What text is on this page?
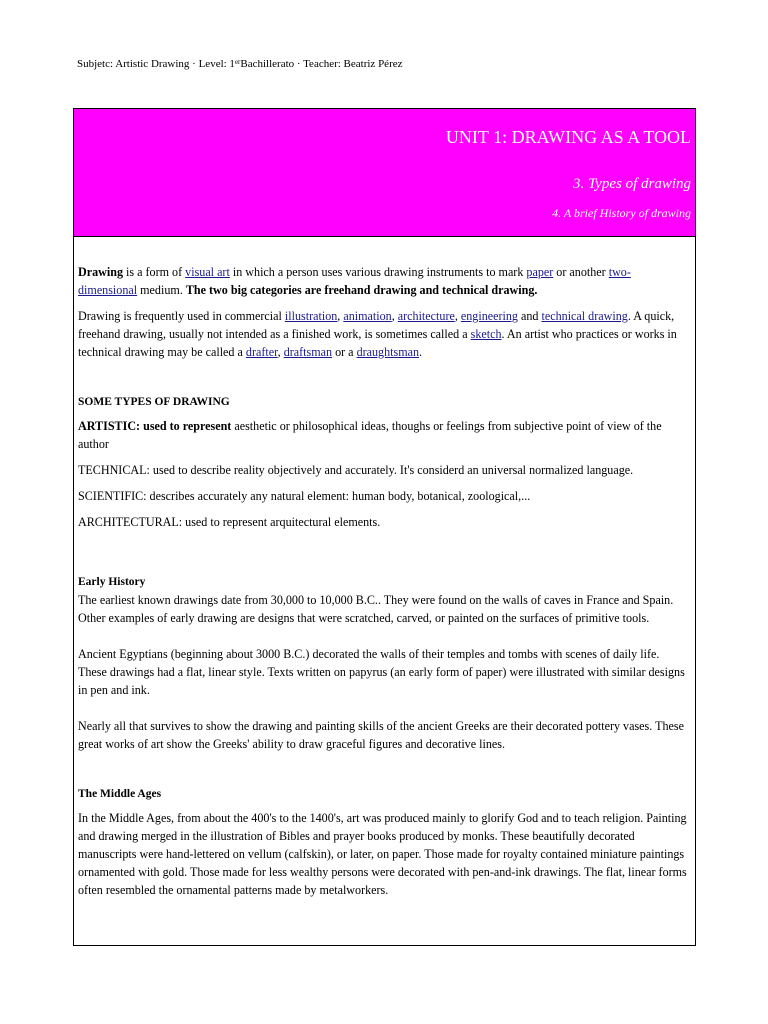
Subjetc: Artistic Drawing · Level: 1erBachillerato · Teacher: Beatriz Pérez
UNIT 1: DRAWING AS A TOOL
3. Types of drawing
4. A brief History of drawing

Drawing is a form of visual art in which a person uses various drawing instruments to mark paper or another two-dimensional medium. The two big categories are freehand drawing and technical drawing.

Drawing is frequently used in commercial illustration, animation, architecture, engineering and technical drawing. A quick, freehand drawing, usually not intended as a finished work, is sometimes called a sketch. An artist who practices or works in technical drawing may be called a drafter, draftsman or a draughtsman.

SOME TYPES OF DRAWING

ARTISTIC: used to represent aesthetic or philosophical ideas, thoughs or feelings from subjective point of view of the author

TECHNICAL: used to describe reality objectively and accurately. It's considerd an universal normalized language.

SCIENTIFIC: describes accurately any natural element: human body, botanical, zoological,...

ARCHITECTURAL: used to represent arquitectural elements.

Early History

The earliest known drawings date from 30,000 to 10,000 B.C.. They were found on the walls of caves in France and Spain. Other examples of early drawing are designs that were scratched, carved, or painted on the surfaces of primitive tools.

Ancient Egyptians (beginning about 3000 B.C.) decorated the walls of their temples and tombs with scenes of daily life. These drawings had a flat, linear style. Texts written on papyrus (an early form of paper) were illustrated with similar designs in pen and ink.

Nearly all that survives to show the drawing and painting skills of the ancient Greeks are their decorated pottery vases. These great works of art show the Greeks' ability to draw graceful figures and decorative lines.

The Middle Ages

In the Middle Ages, from about the 400's to the 1400's, art was produced mainly to glorify God and to teach religion. Painting and drawing merged in the illustration of Bibles and prayer books produced by monks. These beautifully decorated manuscripts were hand-lettered on vellum (calfskin), or later, on paper. Those made for royalty contained miniature paintings ornamented with gold. Those made for less wealthy persons were decorated with pen-and-ink drawings. The flat, linear forms often resembled the ornamental patterns made by metalworkers.
